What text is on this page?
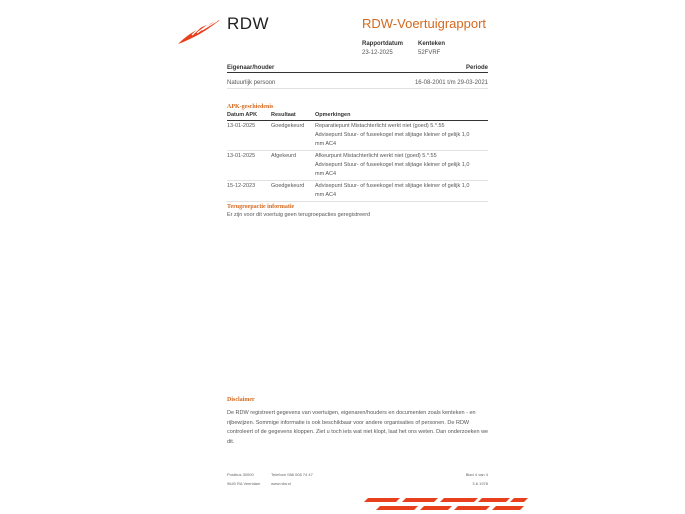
RDW	RDW-Voertuigrapport
Rapportdatum
23-12-2025
Kenteken
52FVRF
Eigenaar/houder	Periode
Natuurlijk persoon	16-08-2001 t/m 29-03-2021
APK-geschiedenis
Datum APK	Resultaat	Opmerkingen
13-01-2025	Goedgekeurd	Reparatiepunt Mistachterlicht werkt niet (goed) 5.*.55
Advisepunt Stuur- of fuseekogel met slijtage kleiner of gelijk 1,0
mm AC4

13-01-2025	Afgekeurd	Afkeurpunt Mistachterlicht werkt niet (goed) 5.*.55
Advisepunt Stuur- of fuseekogel met slijtage kleiner of gelijk 1,0
mm AC4

15-12-2023	Goedgekeurd	Advisepunt Stuur- of fuseekogel met slijtage kleiner of gelijk 1,0
mm AC4
Terugroepactie informatie
Er zijn voor dit voertuig geen terugroepacties geregistreerd
Disclaimer
De RDW registreert gegevens van voertuigen, eigenaren/houders en documenten zoals kenteken - en rijbewijzen. Sommige informatie is ook beschikbaar voor andere organisaties of personen. De RDW controleert of de gegevens kloppen. Ziet u toch iets wat niet klopt, laat het ons weten. Dan onderzoeken we dit.
Postbus 30000
9640 RA Veendam
Telefoon 088 008 74 47
www.rdw.nl
Blad 4 van 4
3.6 1978
